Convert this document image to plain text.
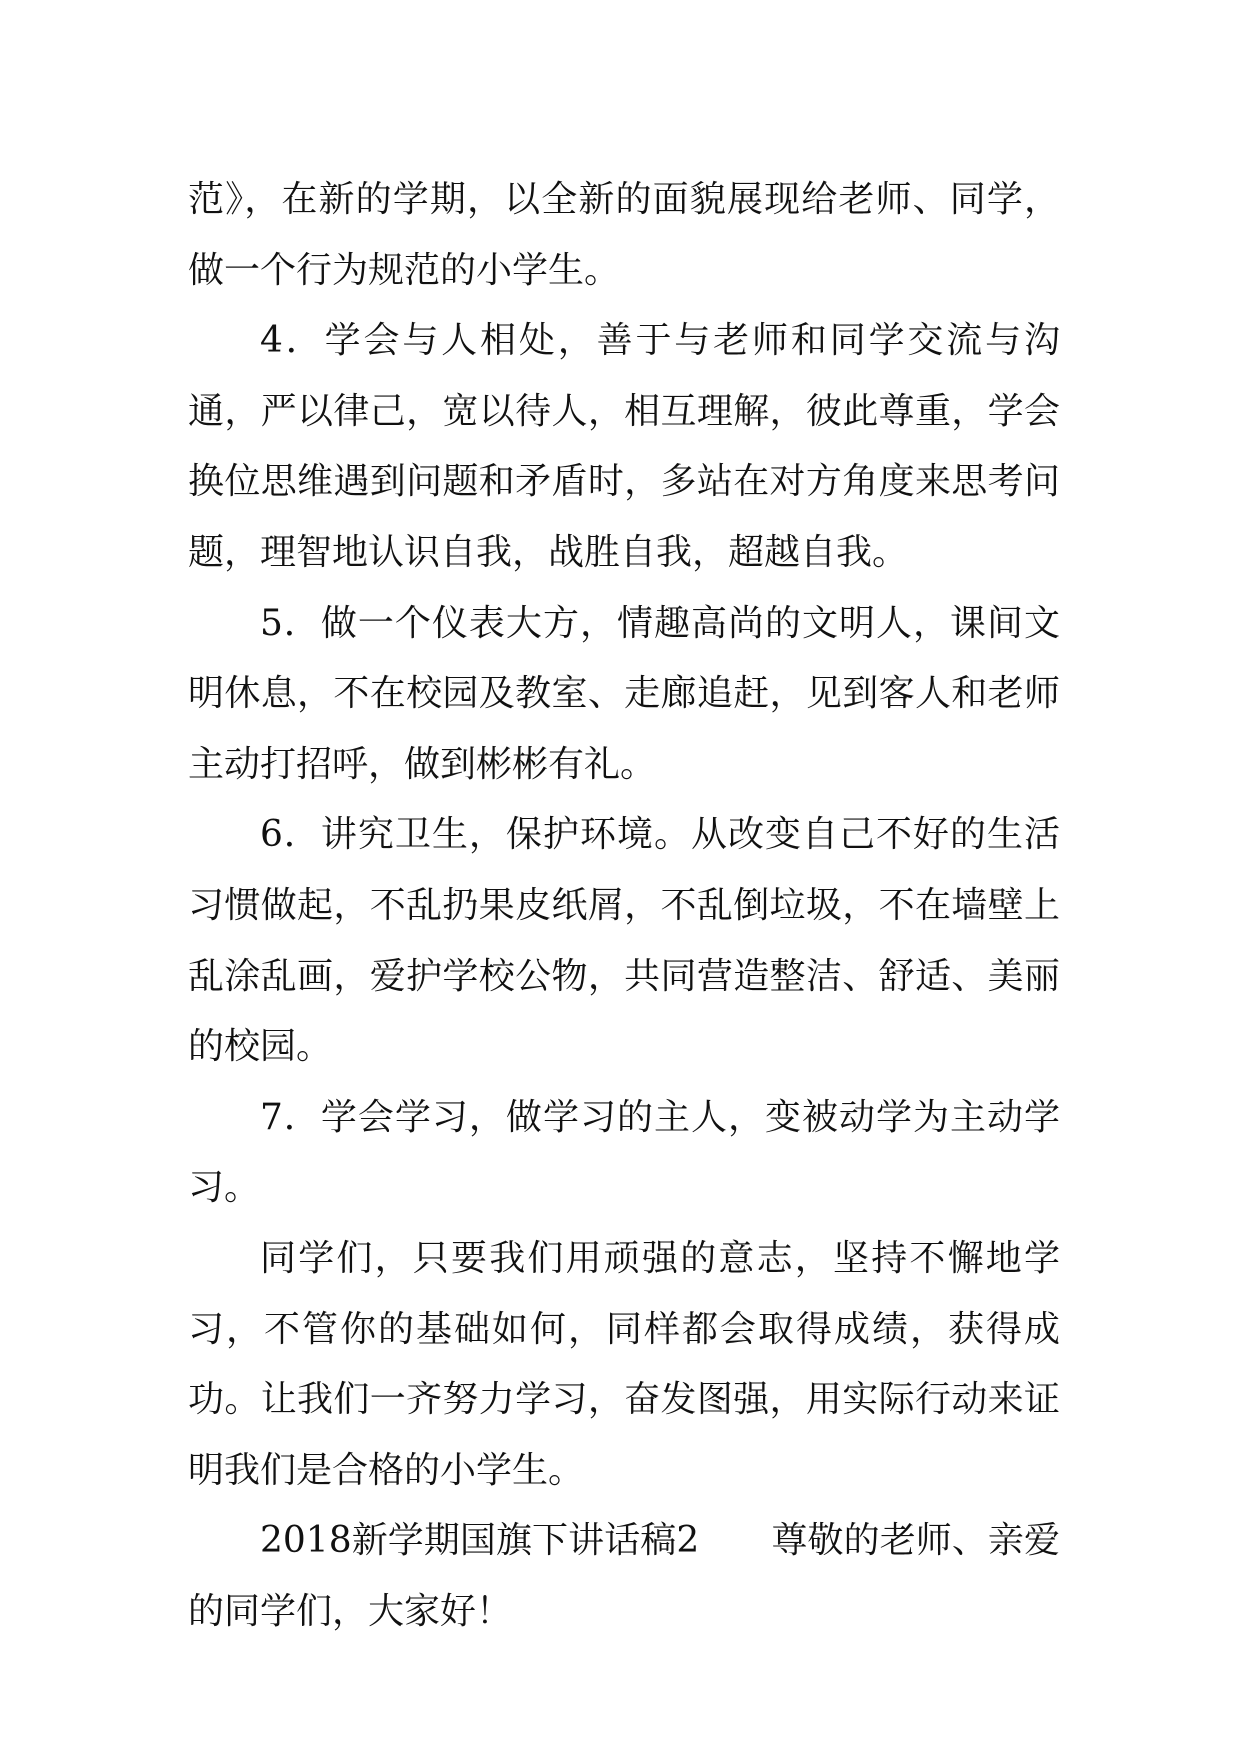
范》，在新的学期，以全新的面貌展现给老师、同学，做一个行为规范的小学生。

4．学会与人相处，善于与老师和同学交流与沟通，严以律己，宽以待人，相互理解，彼此尊重，学会换位思维遇到问题和矛盾时，多站在对方角度来思考问题，理智地认识自我，战胜自我，超越自我。

5．做一个仪表大方，情趣高尚的文明人，课间文明休息，不在校园及教室、走廊追赶，见到客人和老师主动打招呼，做到彬彬有礼。

6．讲究卫生，保护环境。从改变自己不好的生活习惯做起，不乱扔果皮纸屑，不乱倒垃圾，不在墙壁上乱涂乱画，爱护学校公物，共同营造整洁、舒适、美丽的校园。

7．学会学习，做学习的主人，变被动学为主动学习。

同学们，只要我们用顽强的意志，坚持不懈地学习，不管你的基础如何，同样都会取得成绩，获得成功。让我们一齐努力学习，奋发图强，用实际行动来证明我们是合格的小学生。

2018新学期国旗下讲话稿2　　尊敬的老师、亲爱的同学们，大家好！
